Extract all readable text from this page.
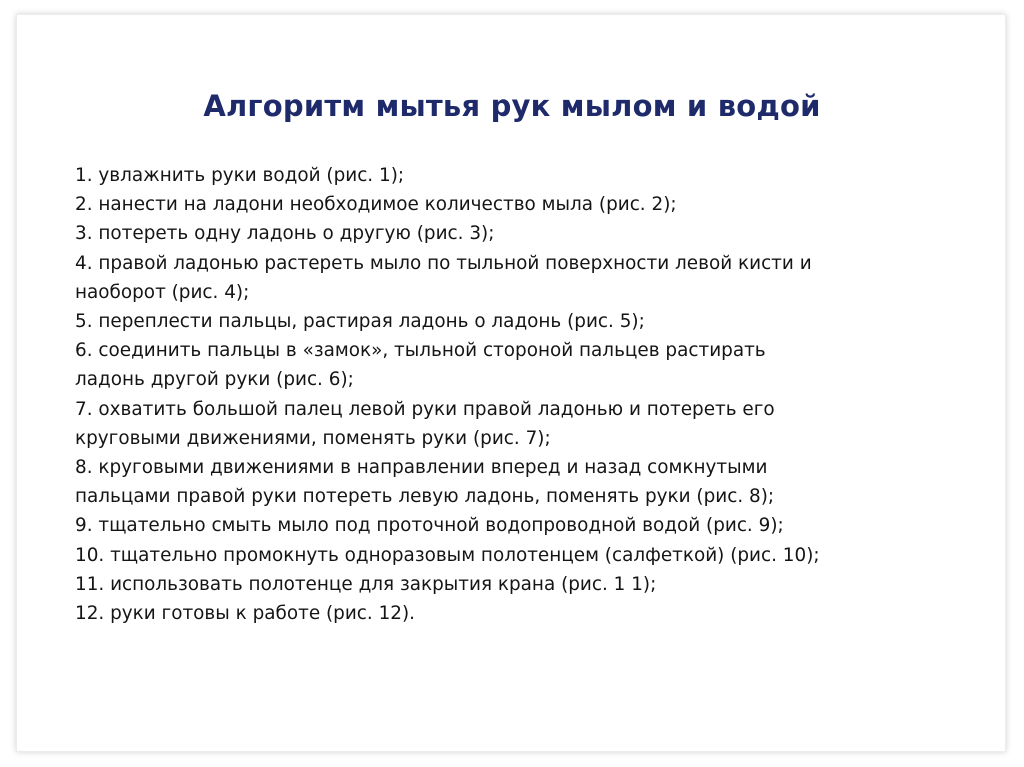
Алгоритм мытья рук мылом и водой

1. увлажнить руки водой (рис. 1);

2. нанести на ладони необходимое количество мыла (рис. 2);

3. потереть одну ладонь о другую (рис. 3);

4. правой ладонью растереть мыло по тыльной поверхности левой кисти и наоборот (рис. 4);

5. переплести пальцы, растирая ладонь о ладонь (рис. 5);

6. соединить пальцы в «замок», тыльной стороной пальцев растирать ладонь другой руки (рис. 6);

7. охватить большой палец левой руки правой ладонью и потереть его круговыми движениями, поменять руки (рис. 7);

8. круговыми движениями в направлении вперед и назад сомкнутыми пальцами правой руки потереть левую ладонь, поменять руки (рис. 8);

9. тщательно смыть мыло под проточной водопроводной водой (рис. 9);

10. тщательно промокнуть одноразовым полотенцем (салфеткой) (рис. 10);

11. использовать полотенце для закрытия крана (рис. 1 1);

12. руки готовы к работе (рис. 12).
